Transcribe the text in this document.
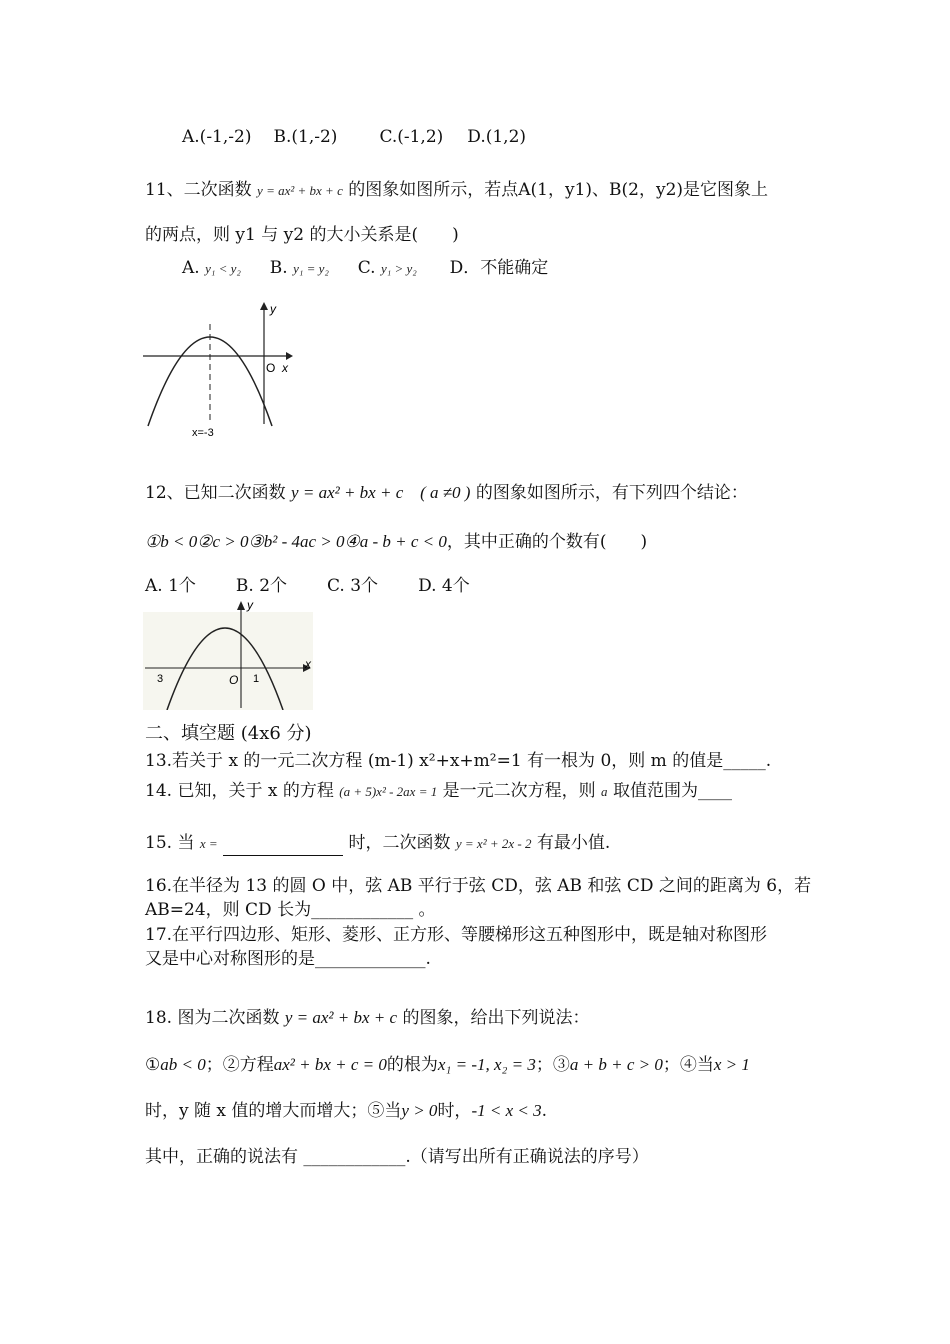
A.(-1,-2) B.(1,-2) C.(-1,2) D.(1,2)
11、二次函数 y = ax² + bx + c 的图象如图所示，若点A(1，y1)、B(2，y2)是它图象上
的两点，则 y1 与 y2 的大小关系是(　　)
A. y₁ < y₂ B. y₁ = y₂ C. y₁ > y₂ D．不能确定
y
O x
x=-3
12、已知二次函数 y = ax² + bx + c ( a ≠0 ) 的图象如图所示，有下列四个结论：
①b < 0②c > 0③b² - 4ac > 0④a - b + c < 0，其中正确的个数有(　　)
A. 1个 B. 2个 C. 3个 D. 4个
y
x
O
3	1
二、填空题 (4x6 分)
13.若关于 x 的一元二次方程 (m-1) x²+x+m²=1 有一根为 0，则 m 的值是_____.
14. 已知，关于 x 的方程 (a + 5)x² - 2ax = 1 是一元二次方程，则 a 取值范围为____
15. 当 x =	时，二次函数 y = x² + 2x - 2 有最小值.
16.在半径为 13 的圆 O 中，弦 AB 平行于弦 CD，弦 AB 和弦 CD 之间的距离为 6，若
AB=24，则 CD 长为____________ 。
17.在平行四边形、矩形、菱形、正方形、等腰梯形这五种图形中，既是轴对称图形
又是中心对称图形的是_____________.
18. 图为二次函数 y = ax² + bx + c 的图象，给出下列说法：
①ab < 0；②方程ax² + bx + c = 0的根为x₁ = -1, x₂ = 3；③a + b + c > 0；④当x > 1
时，y 随 x 值的增大而增大；⑤当y > 0时，-1 < x < 3.
其中，正确的说法有 ____________.（请写出所有正确说法的序号）
